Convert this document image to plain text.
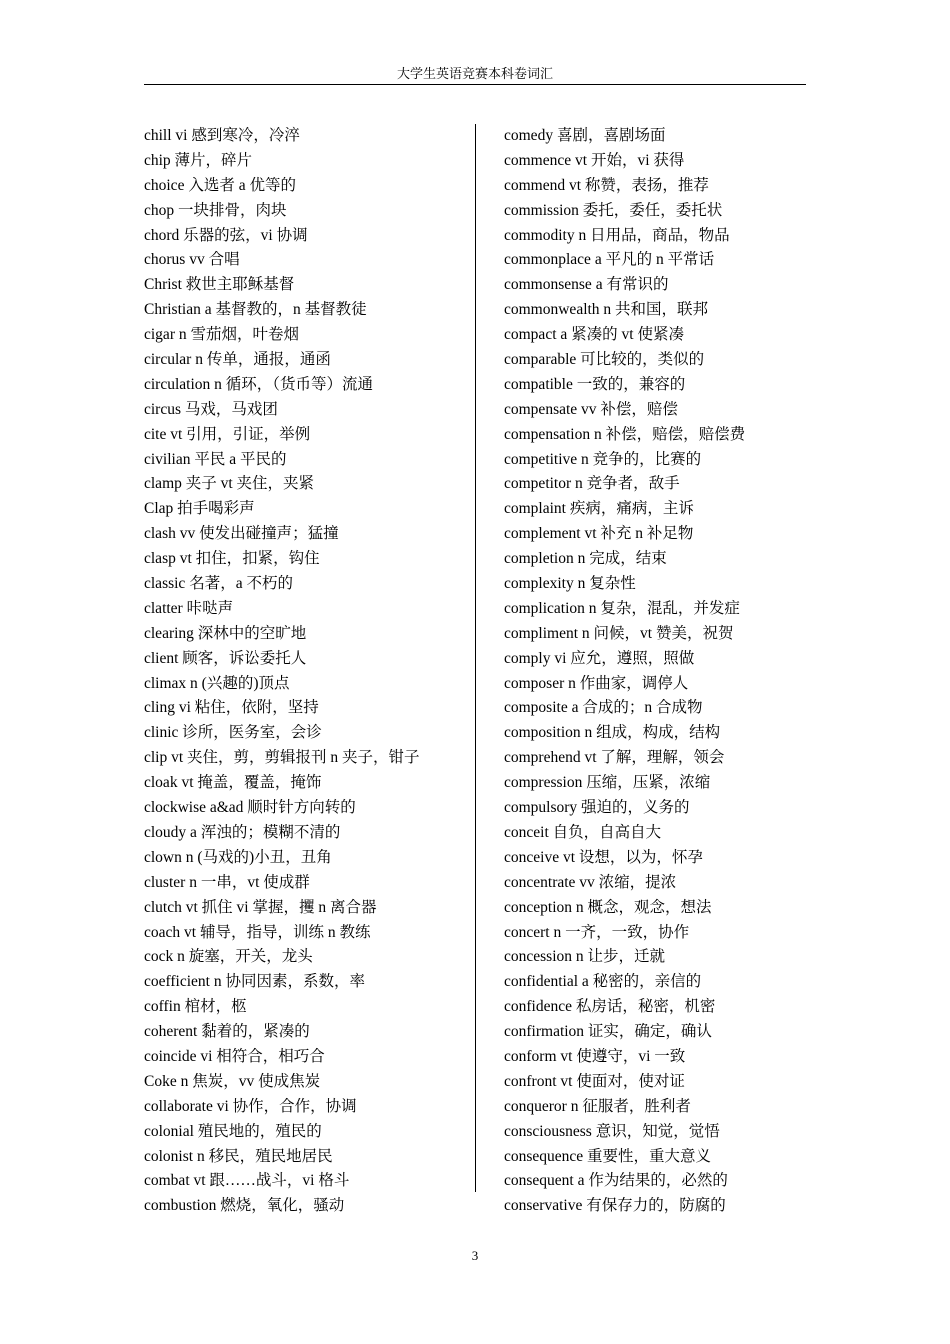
大学生英语竞赛本科卷词汇
chill vi 感到寒冷，冷淬
chip 薄片，碎片
choice 入选者 a 优等的
chop 一块排骨，肉块
chord 乐器的弦，vi 协调
chorus vv 合唱
Christ 救世主耶稣基督
Christian a 基督教的，n 基督教徒
cigar n 雪茄烟，叶卷烟
circular n 传单，通报，通函
circulation n 循环，（货币等）流通
circus 马戏，马戏团
cite vt 引用，引证，举例
civilian 平民 a 平民的
clamp 夹子 vt 夹住，夹紧
Clap 拍手喝彩声
clash vv 使发出碰撞声；猛撞
clasp vt 扣住，扣紧，钩住
classic 名著，a 不朽的
clatter 咔哒声
clearing 深林中的空旷地
client 顾客，诉讼委托人
climax n (兴趣的)顶点
cling vi 粘住，依附，坚持
clinic 诊所，医务室，会诊
clip vt 夹住，剪，剪辑报刊 n 夹子，钳子
cloak vt 掩盖，覆盖，掩饰
clockwise a&ad 顺时针方向转的
cloudy a 浑浊的；模糊不清的
clown n (马戏的)小丑，丑角
cluster n 一串，vt 使成群
clutch vt 抓住 vi 掌握，攫 n 离合器
coach vt 辅导，指导，训练 n 教练
cock n 旋塞，开关，龙头
coefficient n 协同因素，系数，率
coffin 棺材，柩
coherent 黏着的，紧凑的
coincide vi 相符合，相巧合
Coke n 焦炭，vv 使成焦炭
collaborate vi 协作，合作，协调
colonial 殖民地的，殖民的
colonist n 移民，殖民地居民
combat vt 跟……战斗，vi 格斗
combustion 燃烧，氧化，骚动
comedy 喜剧，喜剧场面
commence vt 开始，vi 获得
commend vt 称赞，表扬，推荐
commission 委托，委任，委托状
commodity n 日用品，商品，物品
commonplace a 平凡的 n 平常话
commonsense a 有常识的
commonwealth n 共和国，联邦
compact a 紧凑的 vt 使紧凑
comparable 可比较的，类似的
compatible 一致的，兼容的
compensate vv 补偿，赔偿
compensation n 补偿，赔偿，赔偿费
competitive n 竞争的，比赛的
competitor n 竞争者，敌手
complaint 疾病，痛病，主诉
complement vt 补充 n 补足物
completion n 完成，结束
complexity n 复杂性
complication n 复杂，混乱，并发症
compliment n 问候，vt 赞美，祝贺
comply vi 应允，遵照，照做
composer n 作曲家，调停人
composite a 合成的；n 合成物
composition n 组成，构成，结构
comprehend vt 了解，理解，领会
compression 压缩，压紧，浓缩
compulsory 强迫的，义务的
conceit 自负，自高自大
conceive vt 设想，以为，怀孕
concentrate vv 浓缩，提浓
conception n 概念，观念，想法
concert n 一齐，一致，协作
concession n 让步，迁就
confidential a 秘密的，亲信的
confidence 私房话，秘密，机密
confirmation 证实，确定，确认
conform vt 使遵守，vi 一致
confront vt 使面对，使对证
conqueror n 征服者，胜利者
consciousness 意识，知觉，觉悟
consequence 重要性，重大意义
consequent a 作为结果的，必然的
conservative 有保存力的，防腐的
3
